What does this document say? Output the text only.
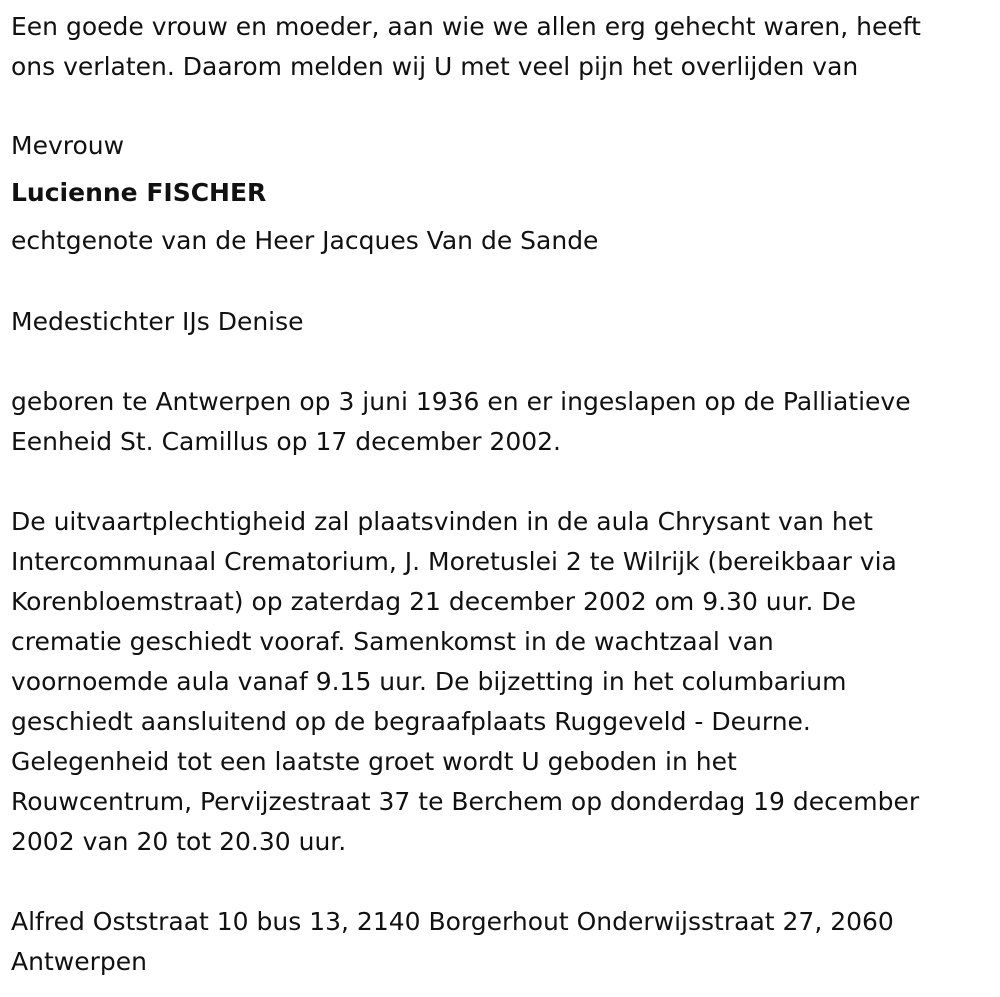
Een goede vrouw en moeder, aan wie we allen erg gehecht waren, heeft
ons verlaten. Daarom melden wij U met veel pijn het overlijden van
Mevrouw
Lucienne FISCHER
echtgenote van de Heer Jacques Van de Sande
Medestichter IJs Denise
geboren te Antwerpen op 3 juni 1936 en er ingeslapen op de Palliatieve
Eenheid St. Camillus op 17 december 2002.
De uitvaartplechtigheid zal plaatsvinden in de aula Chrysant van het
Intercommunaal Crematorium, J. Moretuslei 2 te Wilrijk (bereikbaar via
Korenbloemstraat) op zaterdag 21 december 2002 om 9.30 uur. De
crematie geschiedt vooraf. Samenkomst in de wachtzaal van
voornoemde aula vanaf 9.15 uur. De bijzetting in het columbarium
geschiedt aansluitend op de begraafplaats Ruggeveld - Deurne.
Gelegenheid tot een laatste groet wordt U geboden in het
Rouwcentrum, Pervijzestraat 37 te Berchem op donderdag 19 december
2002 van 20 tot 20.30 uur.
Alfred Oststraat 10 bus 13, 2140 Borgerhout Onderwijsstraat 27, 2060
Antwerpen
